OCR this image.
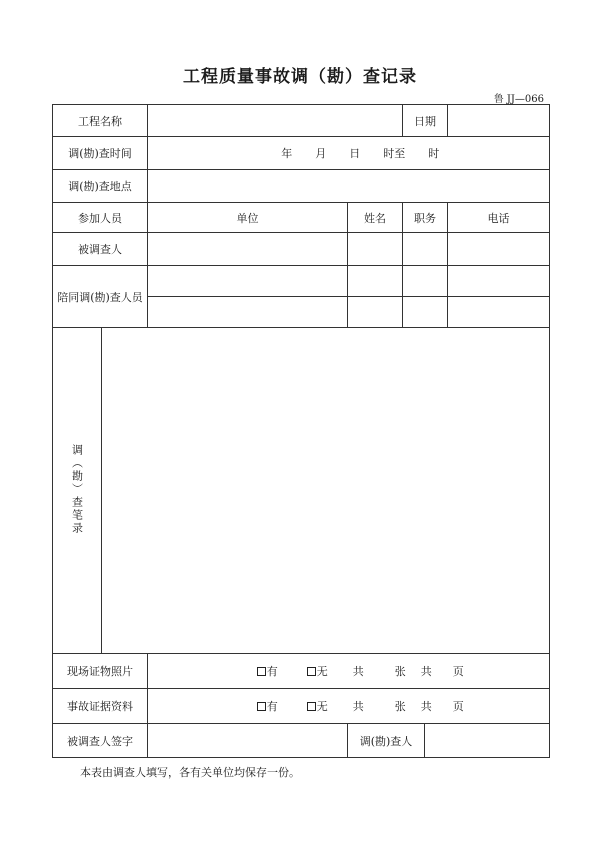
工程质量事故调（勘）查记录
鲁 JJ—066
工程名称				日期		
调(勘)查时间		年 月 日 时至 时				
调(勘)查地点						
参加人员		单位	姓名	职务		电话
被调查人						
陪同调(勘)查人员						

调（勘）查笔录						
现场证物照片		有 无 共 张 共 页				
事故证据资料		有 无 共 张 共 页				
被调查人签字			调(勘)查人			
本表由调查人填写，各有关单位均保存一份。
